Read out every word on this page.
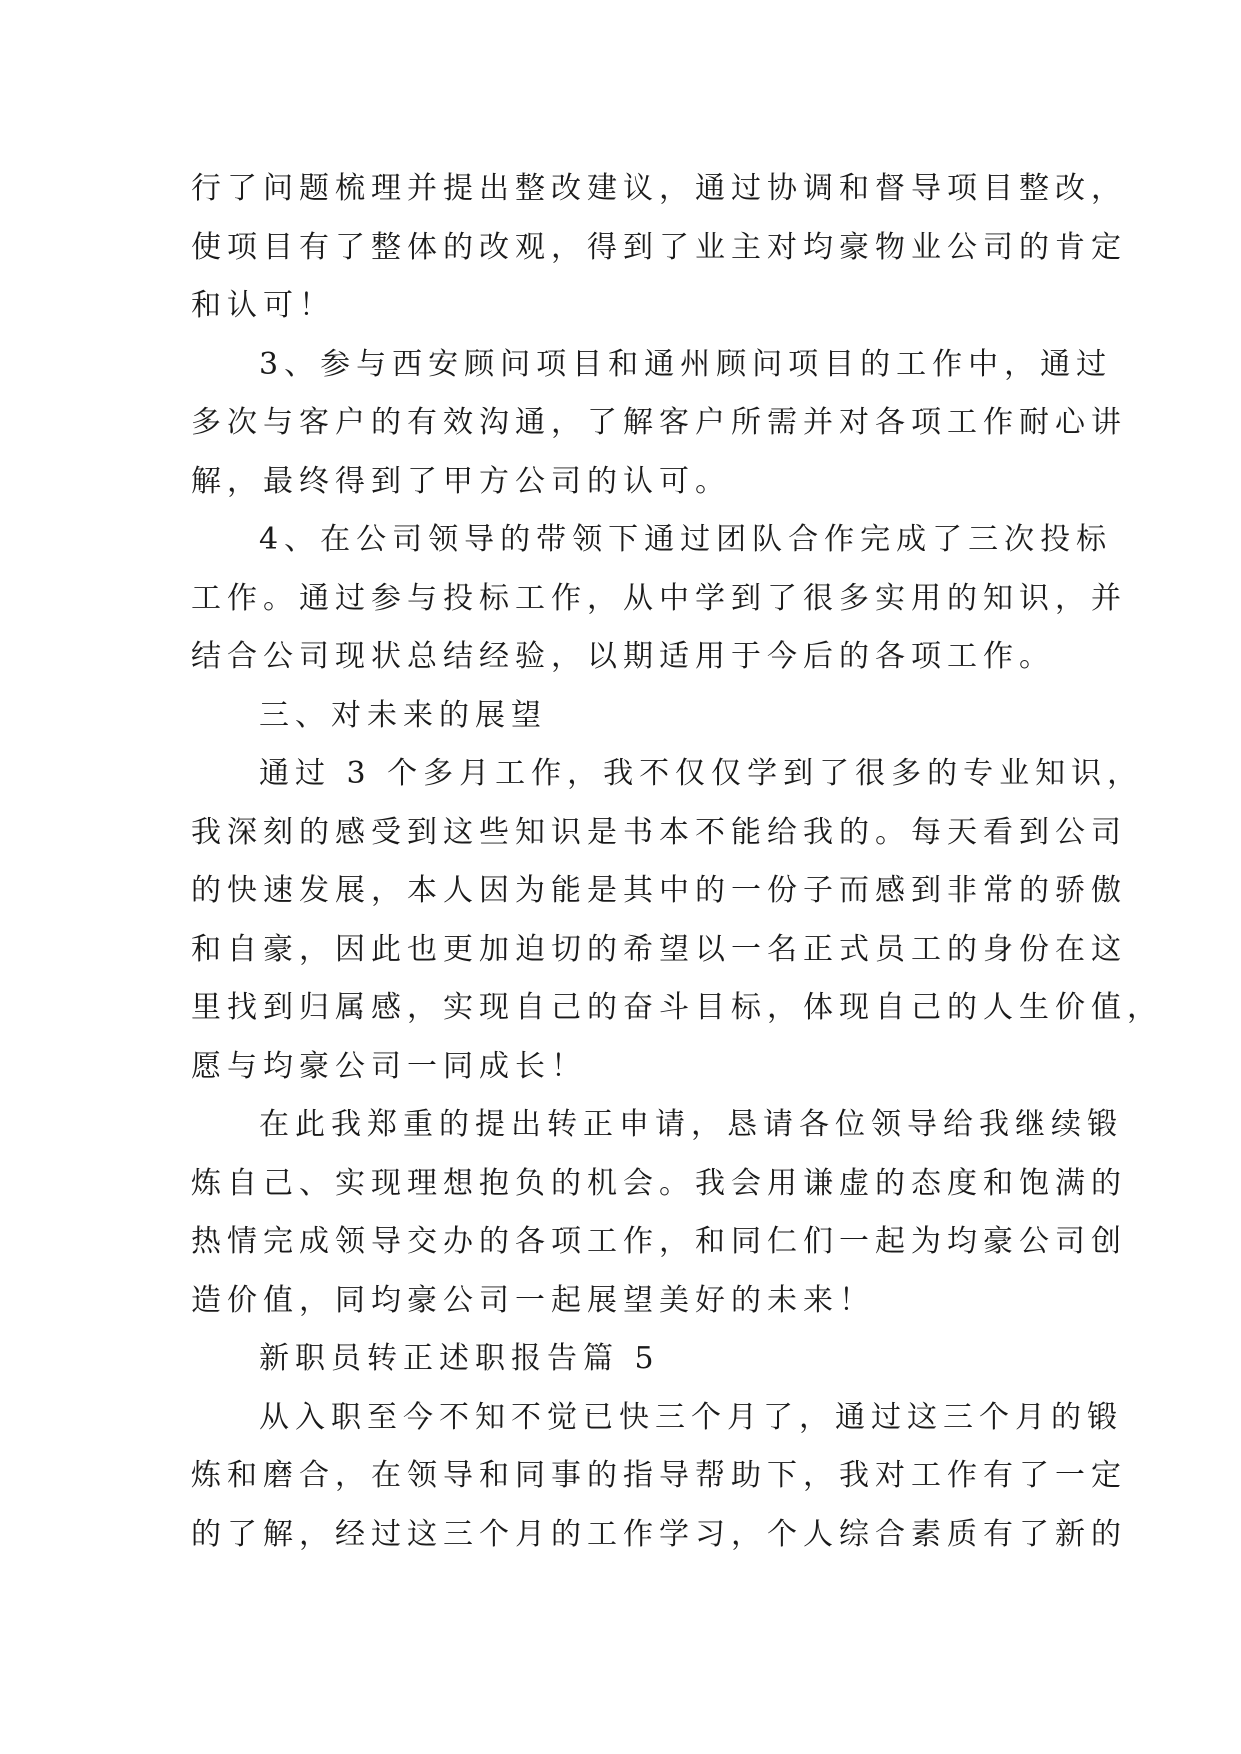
行了问题梳理并提出整改建议，通过协调和督导项目整改，
使项目有了整体的改观，得到了业主对均豪物业公司的肯定
和认可！
3、参与西安顾问项目和通州顾问项目的工作中，通过
多次与客户的有效沟通，了解客户所需并对各项工作耐心讲
解，最终得到了甲方公司的认可。
4、在公司领导的带领下通过团队合作完成了三次投标
工作。通过参与投标工作，从中学到了很多实用的知识，并
结合公司现状总结经验，以期适用于今后的各项工作。
三、对未来的展望
通过 3 个多月工作，我不仅仅学到了很多的专业知识，
我深刻的感受到这些知识是书本不能给我的。每天看到公司
的快速发展，本人因为能是其中的一份子而感到非常的骄傲
和自豪，因此也更加迫切的希望以一名正式员工的身份在这
里找到归属感，实现自己的奋斗目标，体现自己的人生价值，
愿与均豪公司一同成长！
在此我郑重的提出转正申请，恳请各位领导给我继续锻
炼自己、实现理想抱负的机会。我会用谦虚的态度和饱满的
热情完成领导交办的各项工作，和同仁们一起为均豪公司创
造价值，同均豪公司一起展望美好的未来！
新职员转正述职报告篇 5
从入职至今不知不觉已快三个月了，通过这三个月的锻
炼和磨合，在领导和同事的指导帮助下，我对工作有了一定
的了解，经过这三个月的工作学习，个人综合素质有了新的
